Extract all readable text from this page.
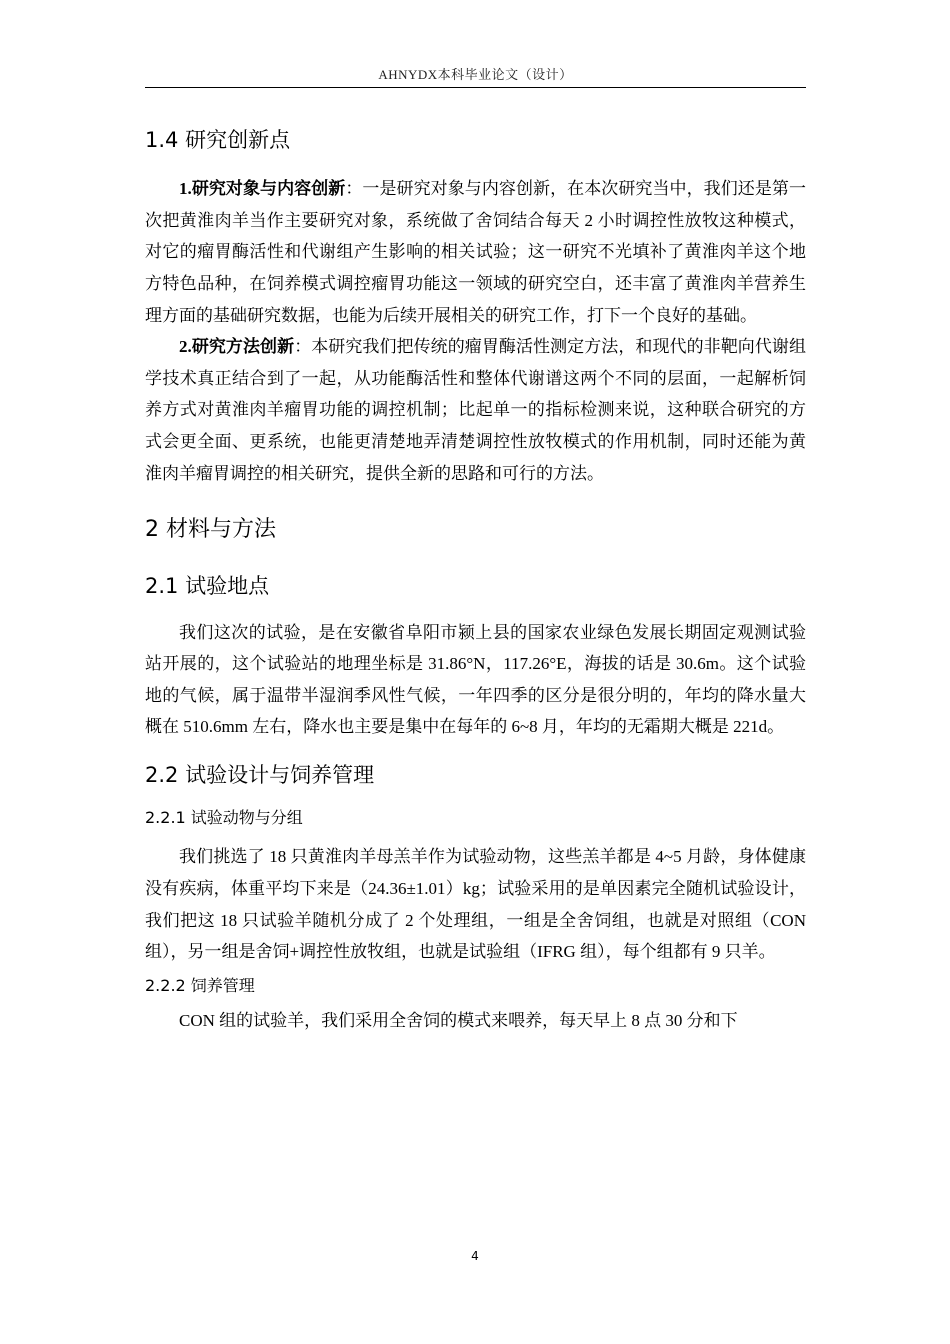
AHNYDX本科毕业论文（设计）
1.4 研究创新点

1.研究对象与内容创新：一是研究对象与内容创新，在本次研究当中，我们还是第一次把黄淮肉羊当作主要研究对象，系统做了舍饲结合每天 2 小时调控性放牧这种模式，对它的瘤胃酶活性和代谢组产生影响的相关试验；这一研究不光填补了黄淮肉羊这个地方特色品种，在饲养模式调控瘤胃功能这一领域的研究空白，还丰富了黄淮肉羊营养生理方面的基础研究数据，也能为后续开展相关的研究工作，打下一个良好的基础。

2.研究方法创新：本研究我们把传统的瘤胃酶活性测定方法，和现代的非靶向代谢组学技术真正结合到了一起，从功能酶活性和整体代谢谱这两个不同的层面，一起解析饲养方式对黄淮肉羊瘤胃功能的调控机制；比起单一的指标检测来说，这种联合研究的方式会更全面、更系统，也能更清楚地弄清楚调控性放牧模式的作用机制，同时还能为黄淮肉羊瘤胃调控的相关研究，提供全新的思路和可行的方法。

2 材料与方法
2.1 试验地点

我们这次的试验，是在安徽省阜阳市颍上县的国家农业绿色发展长期固定观测试验站开展的，这个试验站的地理坐标是 31.86°N，117.26°E，海拔的话是 30.6m。这个试验地的气候，属于温带半湿润季风性气候，一年四季的区分是很分明的，年均的降水量大概在 510.6mm 左右，降水也主要是集中在每年的 6~8 月，年均的无霜期大概是 221d。

2.2 试验设计与饲养管理
2.2.1 试验动物与分组

我们挑选了 18 只黄淮肉羊母羔羊作为试验动物，这些羔羊都是 4~5 月龄，身体健康没有疾病，体重平均下来是（24.36±1.01）kg；试验采用的是单因素完全随机试验设计，我们把这 18 只试验羊随机分成了 2 个处理组，一组是全舍饲组，也就是对照组（CON 组），另一组是舍饲+调控性放牧组，也就是试验组（IFRG 组），每个组都有 9 只羊。

2.2.2 饲养管理

CON 组的试验羊，我们采用全舍饲的模式来喂养，每天早上 8 点 30 分和下

4
